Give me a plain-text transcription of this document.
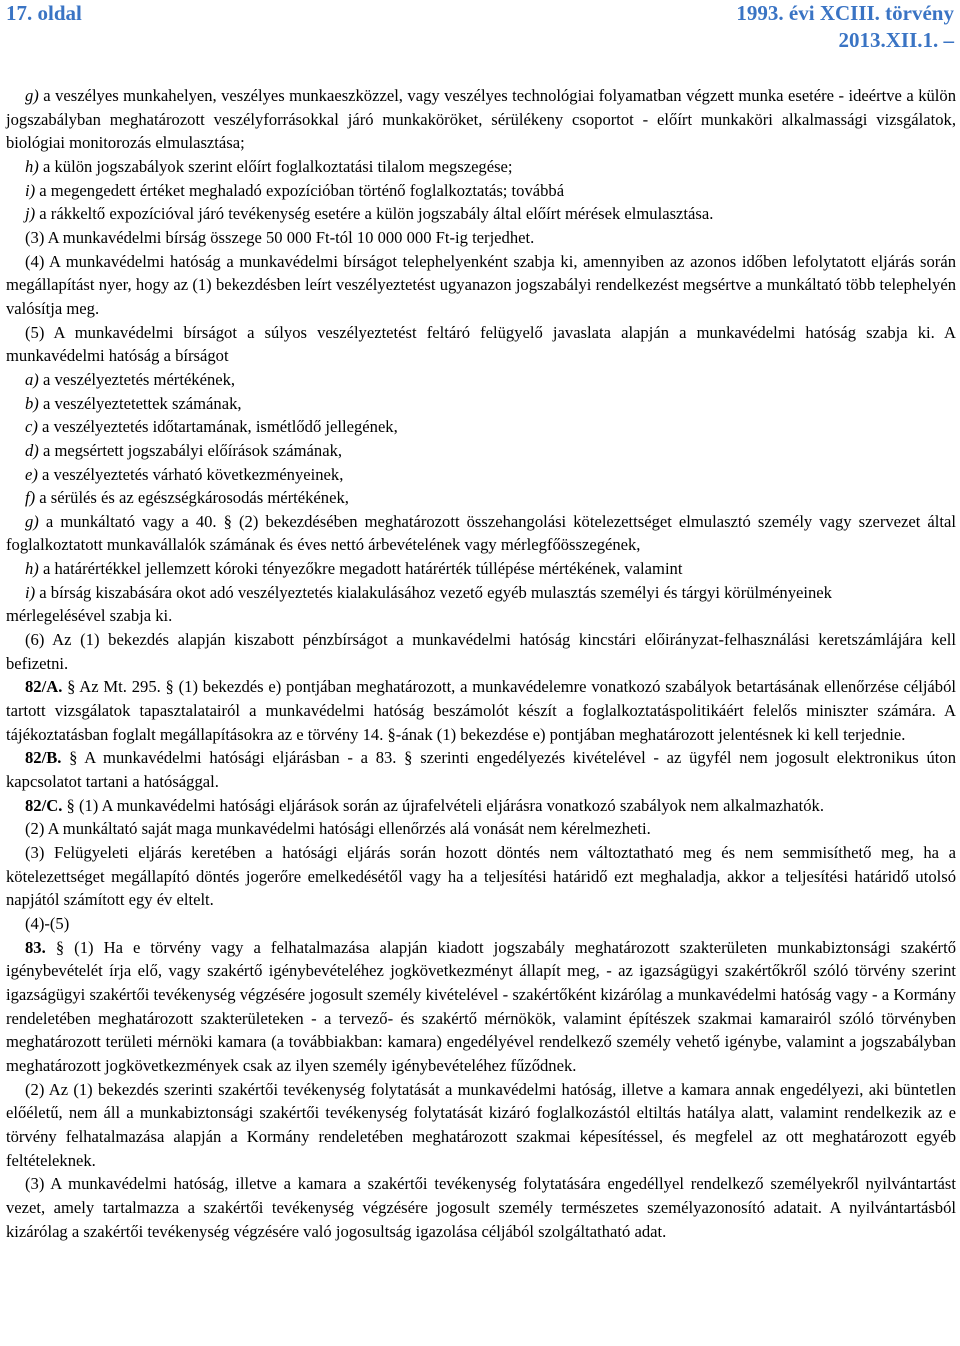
17. oldal	1993. évi XCIII. törvény
2013.XII.1. –

g) a veszélyes munkahelyen, veszélyes munkaeszközzel, vagy veszélyes technológiai folyamatban végzett munka esetére - ideértve a külön jogszabályban meghatározott veszélyforrásokkal járó munkaköröket, sérülékeny csoportot - előírt munkaköri alkalmassági vizsgálatok, biológiai monitorozás elmulasztása;

h) a külön jogszabályok szerint előírt foglalkoztatási tilalom megszegése;

i) a megengedett értéket meghaladó expozícióban történő foglalkoztatás; továbbá

j) a rákkeltő expozícióval járó tevékenység esetére a külön jogszabály által előírt mérések elmulasztása.

(3) A munkavédelmi bírság összege 50 000 Ft-tól 10 000 000 Ft-ig terjedhet.

(4) A munkavédelmi hatóság a munkavédelmi bírságot telephelyenként szabja ki, amennyiben az azonos időben lefolytatott eljárás során megállapítást nyer, hogy az (1) bekezdésben leírt veszélyeztetést ugyanazon jogszabályi rendelkezést megsértve a munkáltató több telephelyén valósítja meg.

(5) A munkavédelmi bírságot a súlyos veszélyeztetést feltáró felügyelő javaslata alapján a munkavédelmi hatóság szabja ki. A munkavédelmi hatóság a bírságot

a) a veszélyeztetés mértékének,

b) a veszélyeztetettek számának,

c) a veszélyeztetés időtartamának, ismétlődő jellegének,

d) a megsértett jogszabályi előírások számának,

e) a veszélyeztetés várható következményeinek,

f) a sérülés és az egészségkárosodás mértékének,

g) a munkáltató vagy a 40. § (2) bekezdésében meghatározott összehangolási kötelezettséget elmulasztó személy vagy szervezet által foglalkoztatott munkavállalók számának és éves nettó árbevételének vagy mérlegfőösszegének,

h) a határértékkel jellemzett kóroki tényezőkre megadott határérték túllépése mértékének, valamint

i) a bírság kiszabására okot adó veszélyeztetés kialakulásához vezető egyéb mulasztás személyi és tárgyi körülményeinek

mérlegelésével szabja ki.

(6) Az (1) bekezdés alapján kiszabott pénzbírságot a munkavédelmi hatóság kincstári előirányzat-felhasználási keretszámlájára kell befizetni.

82/A. § Az Mt. 295. § (1) bekezdés e) pontjában meghatározott, a munkavédelemre vonatkozó szabályok betartásának ellenőrzése céljából tartott vizsgálatok tapasztalatairól a munkavédelmi hatóság beszámolót készít a foglalkoztatáspolitikáért felelős miniszter számára. A tájékoztatásban foglalt megállapításokra az e törvény 14. §-ának (1) bekezdése e) pontjában meghatározott jelentésnek ki kell terjednie.

82/B. § A munkavédelmi hatósági eljárásban - a 83. § szerinti engedélyezés kivételével - az ügyfél nem jogosult elektronikus úton kapcsolatot tartani a hatósággal.

82/C. § (1) A munkavédelmi hatósági eljárások során az újrafelvételi eljárásra vonatkozó szabályok nem alkalmazhatók.

(2) A munkáltató saját maga munkavédelmi hatósági ellenőrzés alá vonását nem kérelmezheti.

(3) Felügyeleti eljárás keretében a hatósági eljárás során hozott döntés nem változtatható meg és nem semmisíthető meg, ha a kötelezettséget megállapító döntés jogerőre emelkedésétől vagy ha a teljesítési határidő ezt meghaladja, akkor a teljesítési határidő utolsó napjától számított egy év eltelt.

(4)-(5)

83. § (1) Ha e törvény vagy a felhatalmazása alapján kiadott jogszabály meghatározott szakterületen munkabiztonsági szakértő igénybevételét írja elő, vagy szakértő igénybevételéhez jogkövetkezményt állapít meg, - az igazságügyi szakértőkről szóló törvény szerint igazságügyi szakértői tevékenység végzésére jogosult személy kivételével - szakértőként kizárólag a munkavédelmi hatóság vagy - a Kormány rendeletében meghatározott szakterületeken - a tervező- és szakértő mérnökök, valamint építészek szakmai kamarairól szóló törvényben meghatározott területi mérnöki kamara (a továbbiakban: kamara) engedélyével rendelkező személy vehető igénybe, valamint a jogszabályban meghatározott jogkövetkezmények csak az ilyen személy igénybevételéhez fűződnek.

(2) Az (1) bekezdés szerinti szakértői tevékenység folytatását a munkavédelmi hatóság, illetve a kamara annak engedélyezi, aki büntetlen előéletű, nem áll a munkabiztonsági szakértői tevékenység folytatását kizáró foglalkozástól eltiltás hatálya alatt, valamint rendelkezik az e törvény felhatalmazása alapján a Kormány rendeletében meghatározott szakmai képesítéssel, és megfelel az ott meghatározott egyéb feltételeknek.

(3) A munkavédelmi hatóság, illetve a kamara a szakértői tevékenység folytatására engedéllyel rendelkező személyekről nyilvántartást vezet, amely tartalmazza a szakértői tevékenység végzésére jogosult személy természetes személyazonosító adatait. A nyilvántartásból kizárólag a szakértői tevékenység végzésére való jogosultság igazolása céljából szolgáltatható adat.
